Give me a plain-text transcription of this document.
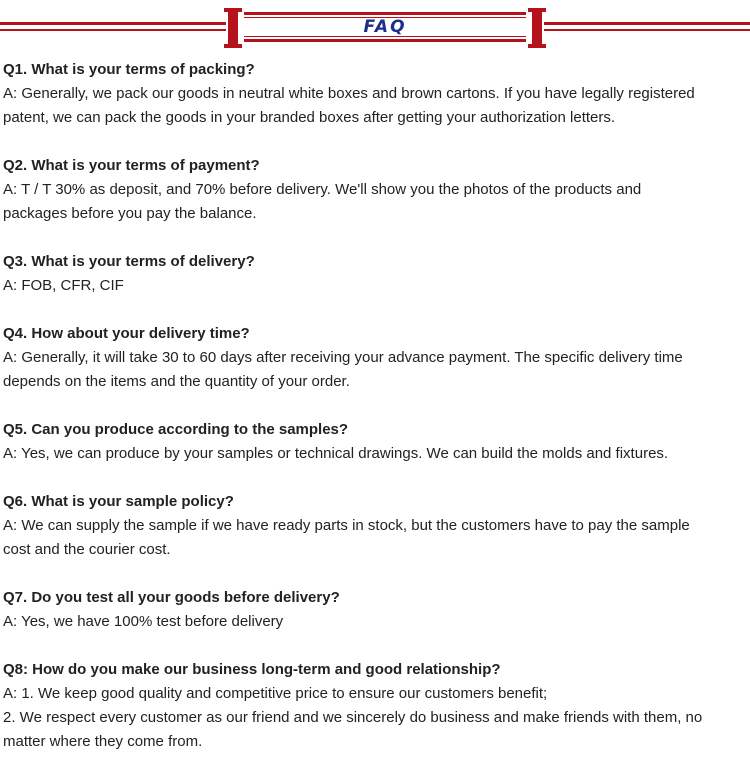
FAQ
Q1. What is your terms of packing?
A: Generally, we pack our goods in neutral white boxes and brown cartons. If you have legally registered
patent, we can pack the goods in your branded boxes after getting your authorization letters.
Q2. What is your terms of payment?
A: T / T 30% as deposit, and 70% before delivery. We'll show you the photos of the products and
packages before you pay the balance.
Q3. What is your terms of delivery?
A: FOB, CFR, CIF
Q4. How about your delivery time?
A: Generally, it will take 30 to 60 days after receiving your advance payment. The specific delivery time
depends on the items and the quantity of your order.
Q5. Can you produce according to the samples?
A: Yes, we can produce by your samples or technical drawings. We can build the molds and fixtures.
Q6. What is your sample policy?
A: We can supply the sample if we have ready parts in stock, but the customers have to pay the sample
cost and the courier cost.
Q7. Do you test all your goods before delivery?
A: Yes, we have 100% test before delivery
Q8: How do you make our business long-term and good relationship?
A: 1. We keep good quality and competitive price to ensure our customers benefit;
2. We respect every customer as our friend and we sincerely do business and make friends with them, no
matter where they come from.
